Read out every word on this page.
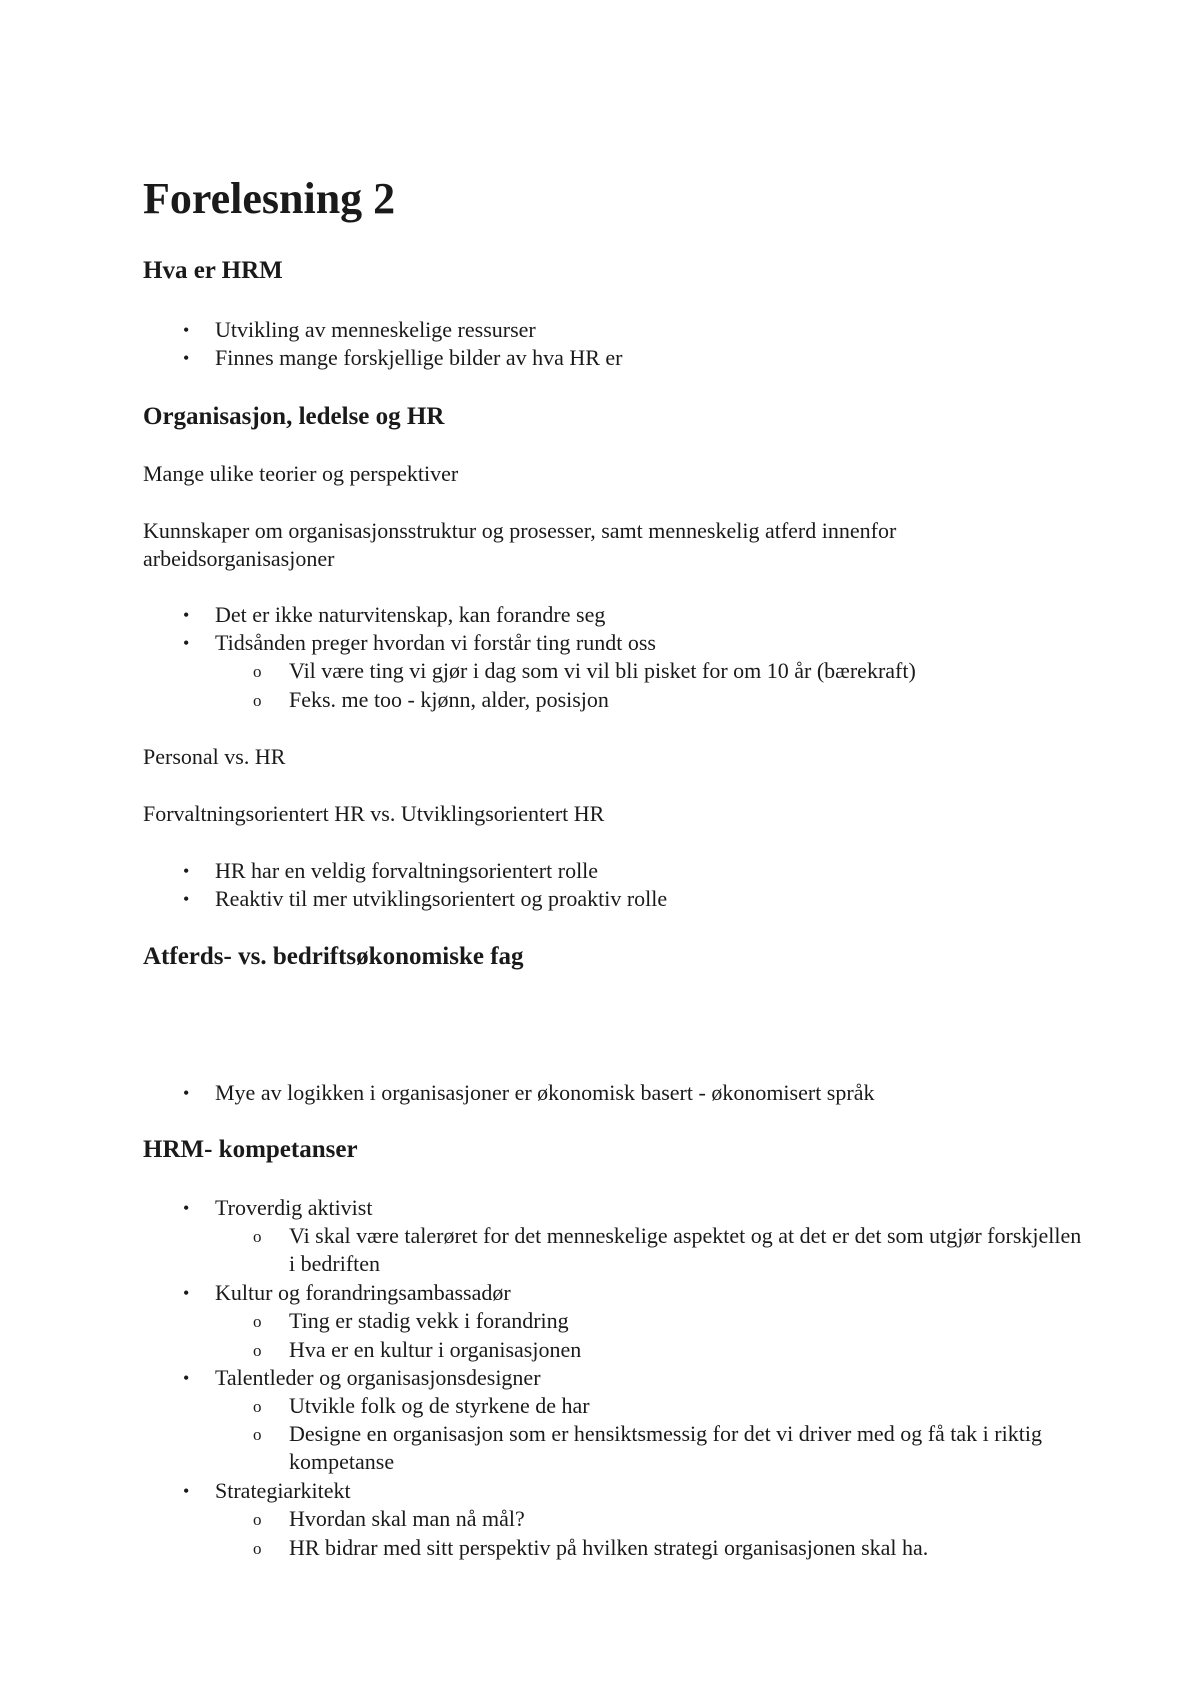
Forelesning 2
Hva er HRM
• Utvikling av menneskelige ressurser
• Finnes mange forskjellige bilder av hva HR er
Organisasjon, ledelse og HR
Mange ulike teorier og perspektiver
Kunnskaper om organisasjonsstruktur og prosesser, samt menneskelig atferd innenfor arbeidsorganisasjoner
• Det er ikke naturvitenskap, kan forandre seg
• Tidsånden preger hvordan vi forstår ting rundt oss
o Vil være ting vi gjør i dag som vi vil bli pisket for om 10 år (bærekraft)
o Feks. me too - kjønn, alder, posisjon
Personal vs. HR
Forvaltningsorientert HR vs. Utviklingsorientert HR
• HR har en veldig forvaltningsorientert rolle
• Reaktiv til mer utviklingsorientert og proaktiv rolle
Atferds- vs. bedriftsøkonomiske fag
• Mye av logikken i organisasjoner er økonomisk basert - økonomisert språk
HRM- kompetanser
• Troverdig aktivist
o Vi skal være talerøret for det menneskelige aspektet og at det er det som utgjør forskjellen i bedriften
• Kultur og forandringsambassadør
o Ting er stadig vekk i forandring
o Hva er en kultur i organisasjonen
• Talentleder og organisasjonsdesigner
o Utvikle folk og de styrkene de har
o Designe en organisasjon som er hensiktsmessig for det vi driver med og få tak i riktig kompetanse
• Strategiarkitekt
o Hvordan skal man nå mål?
o HR bidrar med sitt perspektiv på hvilken strategi organisasjonen skal ha.
